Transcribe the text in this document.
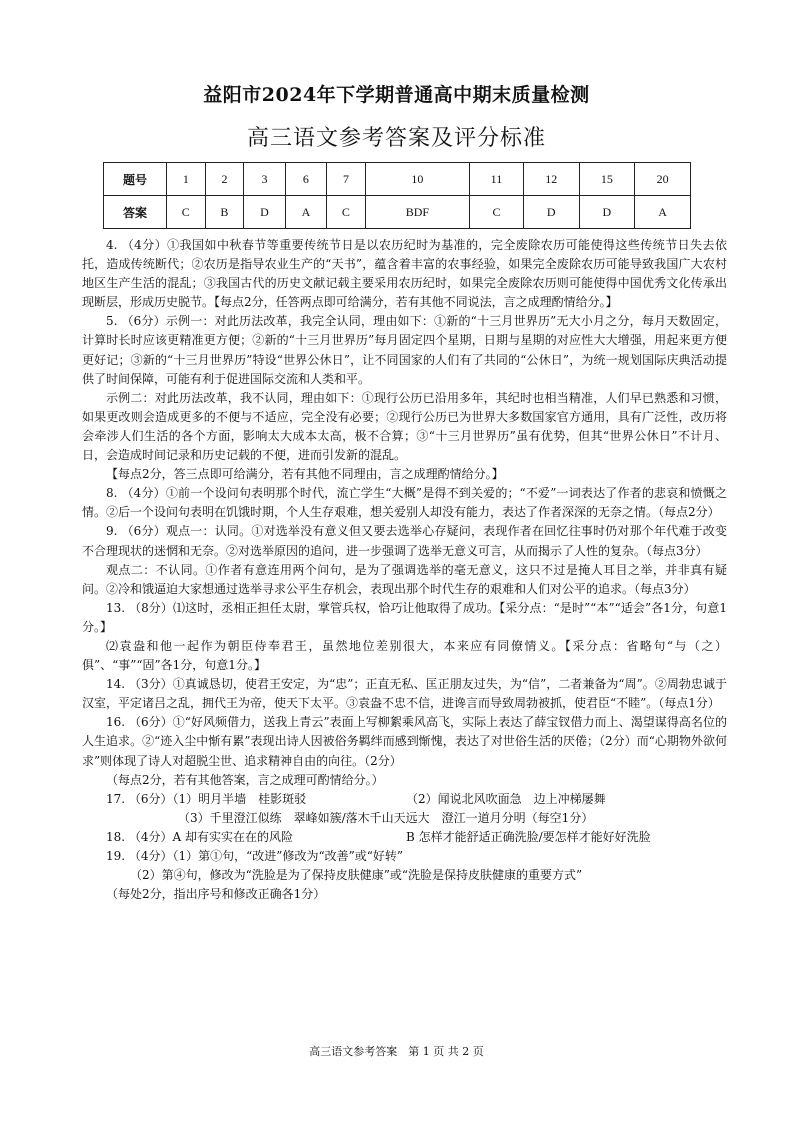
益阳市2024年下学期普通高中期末质量检测
高三语文参考答案及评分标准
题号	1	2	3	6	7	10	11	12	15	20
答案	C	B	D	A	C	BDF	C	D	D	A

4. （4分）①我国如中秋春节等重要传统节日是以农历纪时为基准的，完全废除农历可能使得这些传统节日失去依托，造成传统断代；②农历是指导农业生产的“天书”，蕴含着丰富的农事经验，如果完全废除农历可能导致我国广大农村地区生产生活的混乱；③我国古代的历史文献记载主要采用农历纪时，如果完全废除农历则可能使得中国优秀文化传承出现断层，形成历史脱节。【每点2分，任答两点即可给满分，若有其他不同说法，言之成理酌情给分。】

5. （6分）示例一：对此历法改革，我完全认同，理由如下：①新的“十三月世界历”无大小月之分，每月天数固定，计算时长时应该更精准更方便；②新的“十三月世界历”每月固定四个星期，日期与星期的对应性大大增强，用起来更方便更好记；③新的“十三月世界历”特设“世界公休日”，让不同国家的人们有了共同的“公休日”，为统一规划国际庆典活动提供了时间保障，可能有利于促进国际交流和人类和平。

示例二：对此历法改革，我不认同，理由如下：①现行公历已沿用多年，其纪时也相当精准，人们早已熟悉和习惯，如果更改则会造成更多的不便与不适应，完全没有必要；②现行公历已为世界大多数国家官方通用，具有广泛性，改历将会牵涉人们生活的各个方面，影响太大成本太高，极不合算；③“十三月世界历”虽有优势，但其“世界公休日”不计月、日，会造成时间记录和历史记载的不便，进而引发新的混乱。

【每点2分，答三点即可给满分，若有其他不同理由，言之成理酌情给分。】

8. （4分）①前一个设问句表明那个时代，流亡学生“大概”是得不到关爱的；“不爱”一词表达了作者的悲哀和愤慨之情。②后一个设问句表明在饥饿时期，个人生存艰难，想关爱别人却没有能力，表达了作者深深的无奈之情。（每点2分）

9. （6分）观点一：认同。①对选举没有意义但又要去选举心存疑问，表现作者在回忆往事时仍对那个年代难于改变不合理现状的迷惘和无奈。②对选举原因的追问，进一步强调了选举无意义可言，从而揭示了人性的复杂。（每点3分）

观点二：不认同。①作者有意连用两个问句，是为了强调选举的毫无意义，这只不过是掩人耳目之举，并非真有疑问。②冷和饿逼迫大家想通过选举寻求公平生存机会，表现出那个时代生存的艰难和人们对公平的追求。（每点3分）

13. （8分）⑴这时，丞相正担任太尉，掌管兵权，恰巧让他取得了成功。【采分点：“是时”“本”“适会”各1分，句意1分。】

⑵袁盎和他一起作为朝臣侍奉君王，虽然地位差别很大，本来应有同僚情义。【采分点：省略句“与（之）俱”、“事”“固”各1分，句意1分。】

14. （3分）①真诚恳切，使君王安定，为“忠”；正直无私、匡正朋友过失，为“信”，二者兼备为“周”。②周勃忠诚于汉室，平定诸吕之乱，拥代王为帝，使天下太平。③袁盎不忠不信，进谗言而导致周勃被抓，使君臣“不睦”。（每点1分）

16. （6分）①“好风频借力，送我上青云”表面上写柳絮乘风高飞，实际上表达了薛宝钗借力而上、渴望谋得高名位的人生追求。②“迹入尘中惭有累”表现出诗人因被俗务羁绊而感到惭愧，表达了对世俗生活的厌倦；（2分）而“心期物外欲何求”则体现了诗人对超脱尘世、追求精神自由的向往。（2分）

（每点2分，若有其他答案，言之成理可酌情给分。）

17. （6分）（1）明月半墙　桂影斑驳	（2）闻说北风吹面急　边上冲梯屡舞

（3）千里澄江似练　翠峰如簇/落木千山天远大　澄江一道月分明（每空1分）

18. （4分）A 却有实实在在的风险	B 怎样才能舒适正确洗脸/要怎样才能好好洗脸

19. （4分）（1）第①句，“改进”修改为“改善”或“好转”

（2）第④句，修改为“洗脸是为了保持皮肤健康”或“洗脸是保持皮肤健康的重要方式”

（每处2分，指出序号和修改正确各1分）

高三语文参考答案　第 1 页 共 2 页
